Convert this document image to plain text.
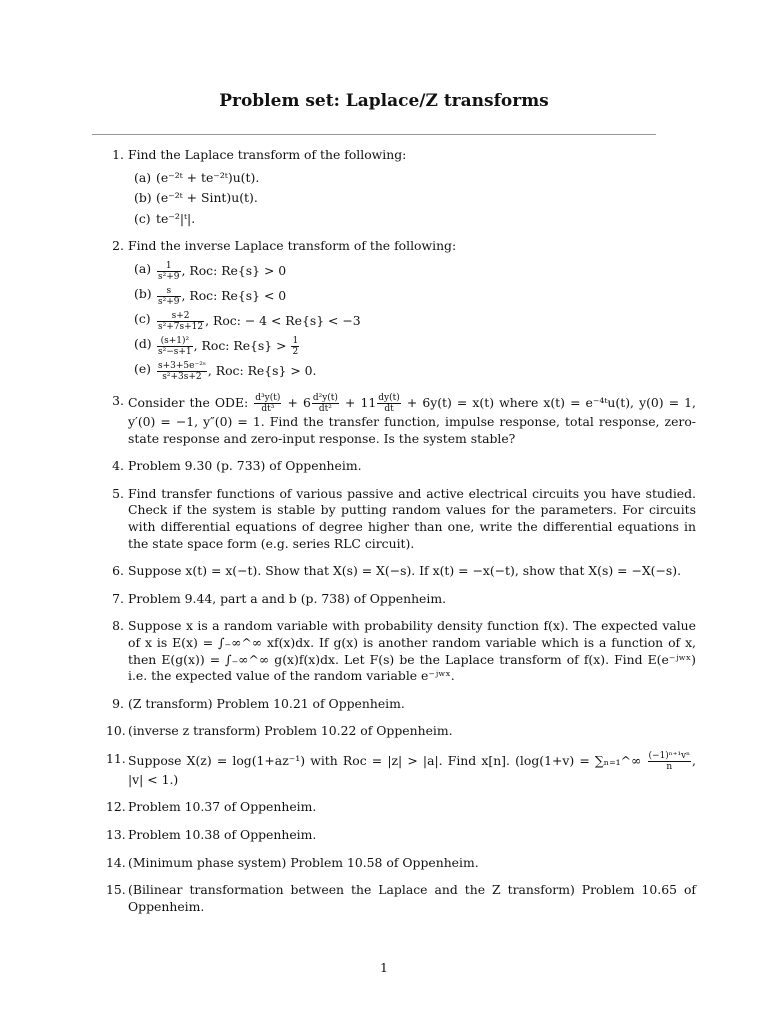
Problem set: Laplace/Z transforms
1. Find the Laplace transform of the following:
(a) (e⁻²ᵗ + te⁻²ᵗ)u(t).
(b) (e⁻²ᵗ + Sint)u(t).
(c) te⁻²|ᵗ|.
2. Find the inverse Laplace transform of the following:
$(a) \frac{1}{\text{s²+9}}$ , Roc: Re{s} > 0
$(b) \frac{s}{\text{s²+9}}$ , Roc: Re{s} < 0
$(c) \frac{s+2}{\text{s²+7s+12}}$ , Roc: − 4 < Re{s} < −3
$(d) \frac{\text{(s+1)²}}{\text{s²−s+1}}$ , Roc: $Re\{s\} > \frac{1}{2}$
$(e) \frac{\text{s+3+5e⁻²ˢ}}{\text{s²+3s+2}}$ , Roc: Re{s} > 0.
3. Consider the ODE: $\frac{\text{d³y(t)}}{\text{dt³}} + 6 \frac{\text{d²y(t)}}{\text{dt²}} + 11 \frac{dy(t)}{dt} + 6y(t) = x(t)$ where x(t) = e⁻⁴ᵗu(t), y(0) = 1, y′(0) = −1, y″(0) = 1. Find the transfer function, impulse response, total response, zero-state response and zero-input response. Is the system stable?
4. Problem 9.30 (p. 733) of Oppenheim.
5. Find transfer functions of various passive and active electrical circuits you have studied. Check if the system is stable by putting random values for the parameters. For circuits with differential equations of degree higher than one, write the differential equations in the state space form (e.g. series RLC circuit).
6. Suppose x(t) = x(−t). Show that X(s) = X(−s). If x(t) = −x(−t), show that X(s) = −X(−s).
7. Problem 9.44, part a and b (p. 738) of Oppenheim.
8. Suppose x is a random variable with probability density function f(x). The expected value of x is E(x) = ∫₋∞^∞ xf(x)dx. If g(x) is another random variable which is a function of x, then E(g(x)) = ∫₋∞^∞ g(x)f(x)dx. Let F(s) be the Laplace transform of f(x). Find E(e⁻ʲʷˣ) i.e. the expected value of the random variable e⁻ʲʷˣ.
9. (Z transform) Problem 10.21 of Oppenheim.
10. (inverse z transform) Problem 10.22 of Oppenheim.
11. Suppose X(z) = log(1+az⁻¹) with Roc = |z| > |a|. Find x[n]. (log(1+v) = ∑ₙ₌₁^∞ $\frac{\text{(−1)ⁿ⁺¹vⁿ}}{n}$ , |v| < 1.)
12. Problem 10.37 of Oppenheim.
13. Problem 10.38 of Oppenheim.
14. (Minimum phase system) Problem 10.58 of Oppenheim.
15. (Bilinear transformation between the Laplace and the Z transform) Problem 10.65 of Oppenheim.
1
